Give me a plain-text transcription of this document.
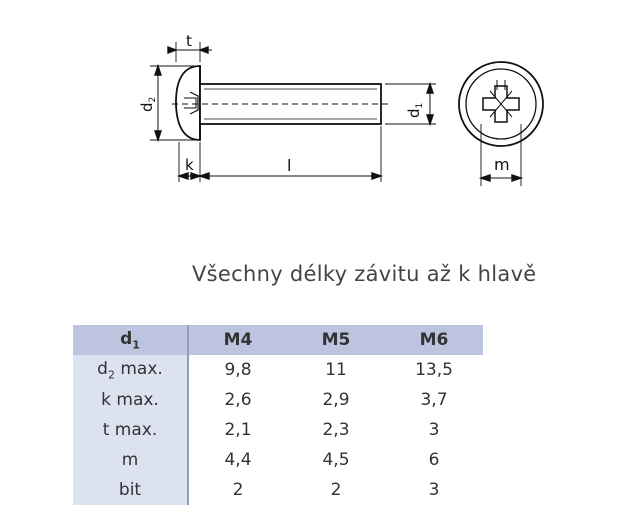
t
$d_2$
k	l
$d_1$
m
Všechny délky závitu až k hlavě
$d_1$	M4	M5	M6
$d_2$ max.	9,8	11	13,5
k max.	2,6	2,9	3,7
t max.	2,1	2,3	3
m	4,4	4,5	6
bit	2	2	3
